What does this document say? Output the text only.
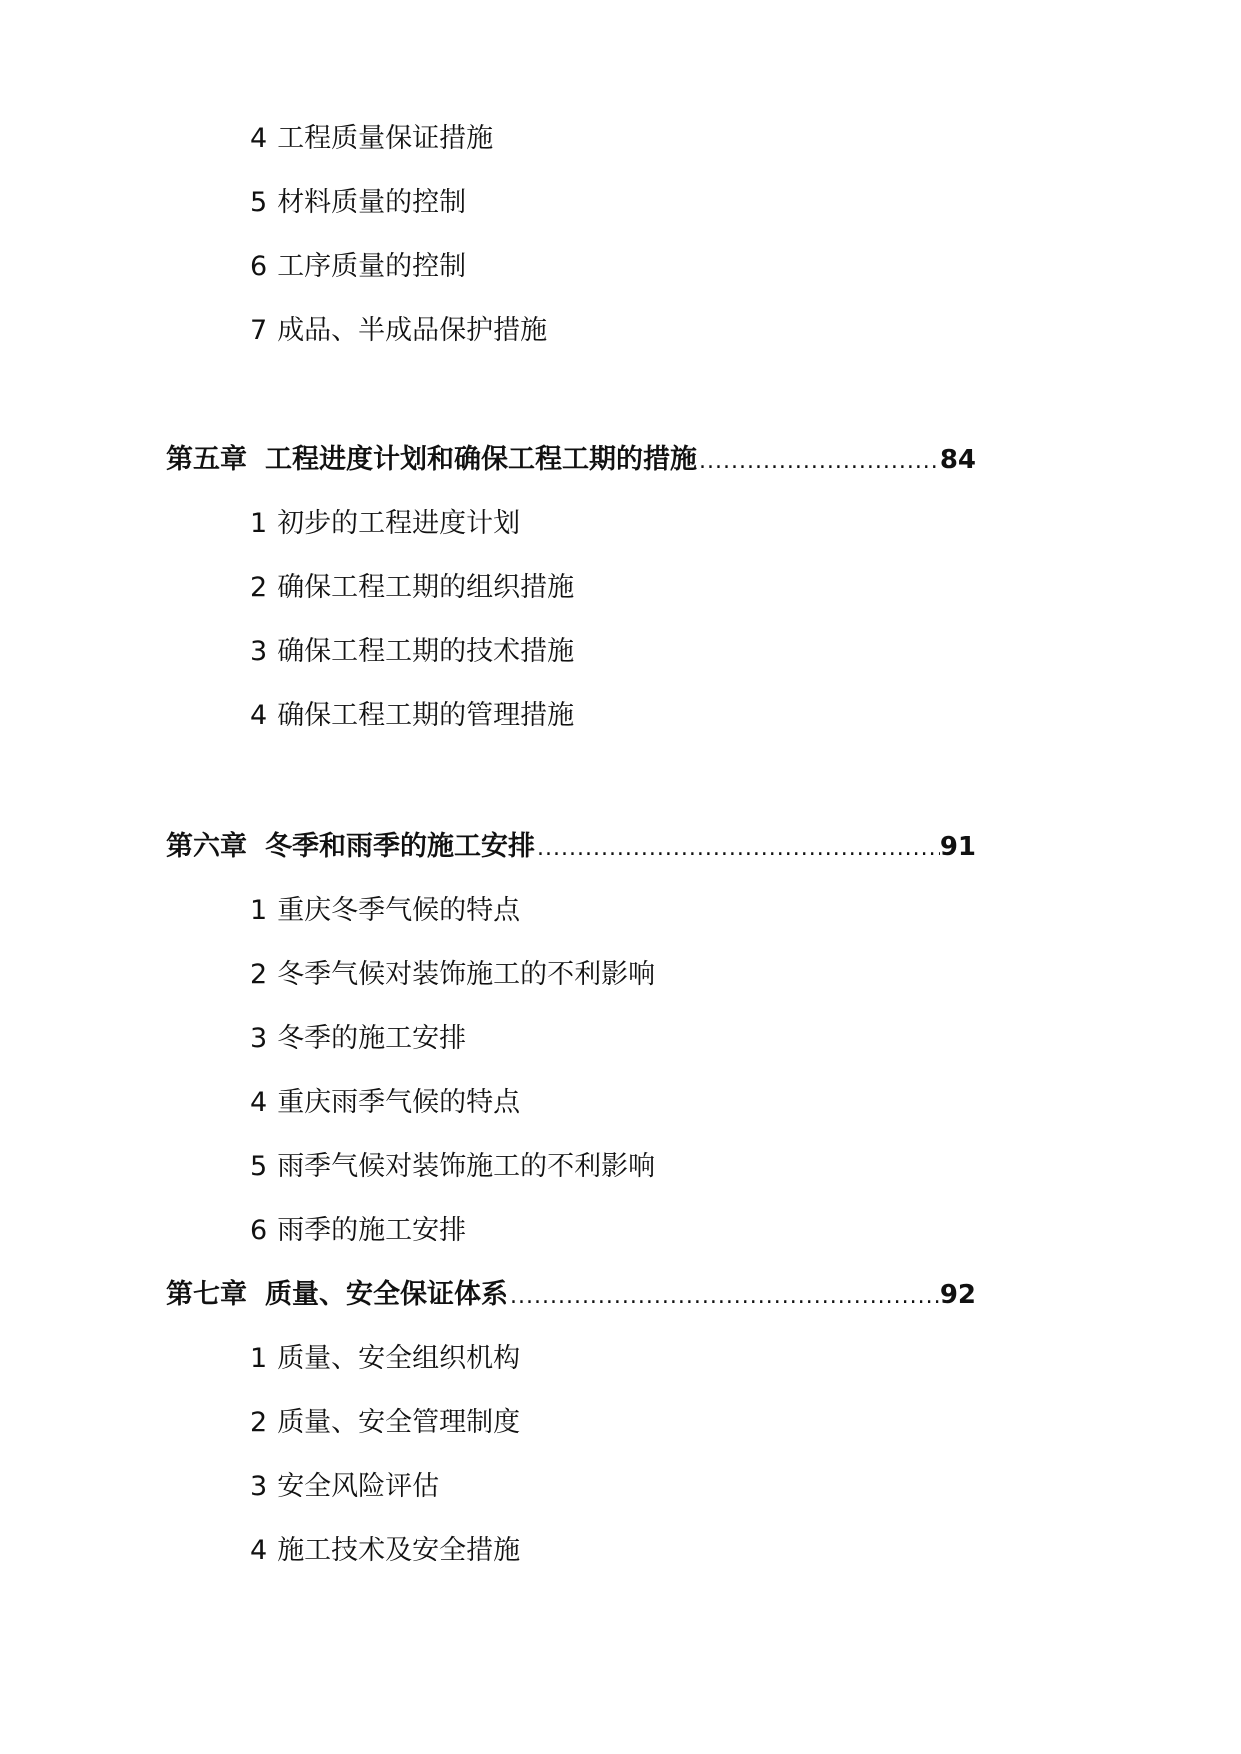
4 工程质量保证措施
5 材料质量的控制
6 工序质量的控制
7 成品、半成品保护措施
第五章 工程进度计划和确保工程工期的措施 .....	84
1 初步的工程进度计划
2 确保工程工期的组织措施
3 确保工程工期的技术措施
4 确保工程工期的管理措施
第六章 冬季和雨季的施工安排 .....	91
1 重庆冬季气候的特点
2 冬季气候对装饰施工的不利影响
3 冬季的施工安排
4 重庆雨季气候的特点
5 雨季气候对装饰施工的不利影响
6 雨季的施工安排
第七章 质量、安全保证体系 .....	92
1 质量、安全组织机构
2 质量、安全管理制度
3 安全风险评估
4 施工技术及安全措施
